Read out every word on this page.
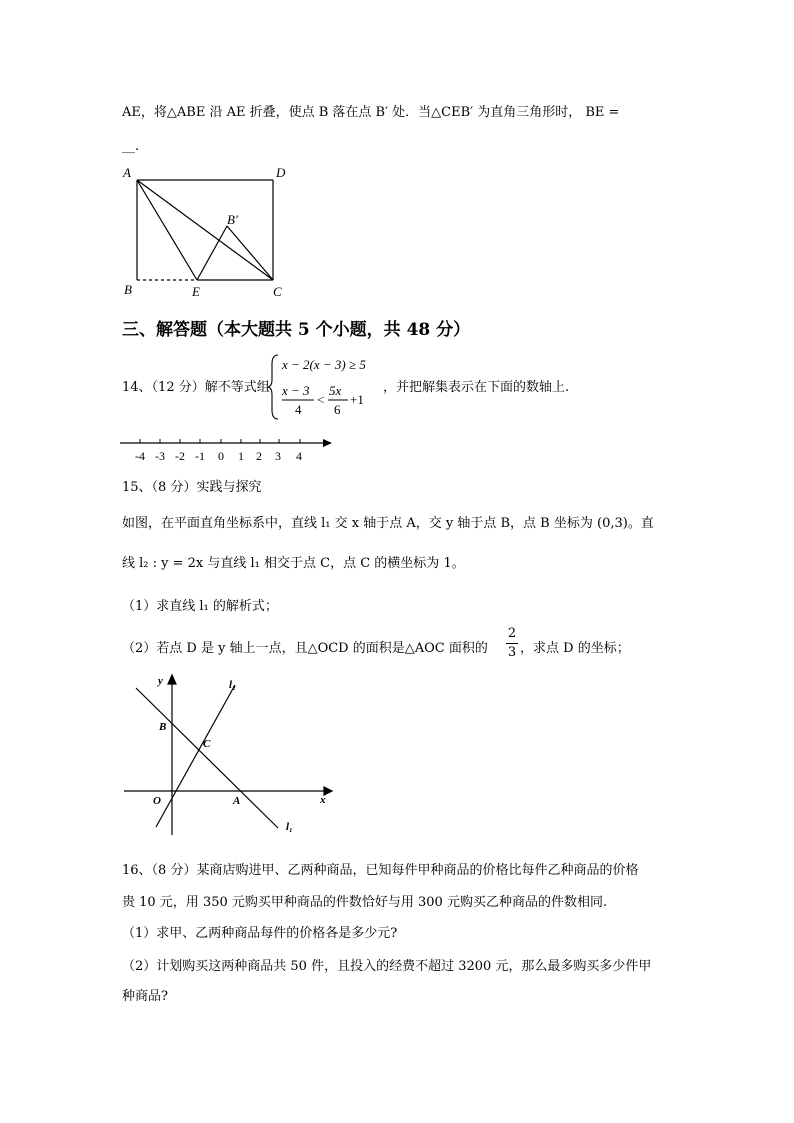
AE，将△ABE 沿 AE 折叠，使点 B 落在点 B′ 处．当△CEB′ 为直角三角形时， BE =
__.
A	D
B′
B	E	C
三、解答题（本大题共 5 个小题，共 48 分）
14、（12 分）解不等式组
x − 2(x − 3) ≥ 5
x − 3
4
<
5x
6
+1
，并把解集表示在下面的数轴上.
-4 -3 -2 -1 0 1 2 3 4
15、（8 分）实践与探究
如图，在平面直角坐标系中，直线 l₁ 交 x 轴于点 A，交 y 轴于点 B，点 B 坐标为 (0,3)。直
线 l₂ : y = 2x 与直线 l₁ 相交于点 C，点 C 的横坐标为 1。
（1）求直线 l₁ 的解析式；
（2）若点 D 是 y 轴上一点，且△OCD 的面积是△AOC 面积的
2
3 ，求点 D 的坐标；
y
x
l₂
l₁
B
C
O	A
16、（8 分）某商店购进甲、乙两种商品，已知每件甲种商品的价格比每件乙种商品的价格
贵 10 元，用 350 元购买甲种商品的件数恰好与用 300 元购买乙种商品的件数相同.
（1）求甲、乙两种商品每件的价格各是多少元?
（2）计划购买这两种商品共 50 件，且投入的经费不超过 3200 元，那么最多购买多少件甲
种商品?
